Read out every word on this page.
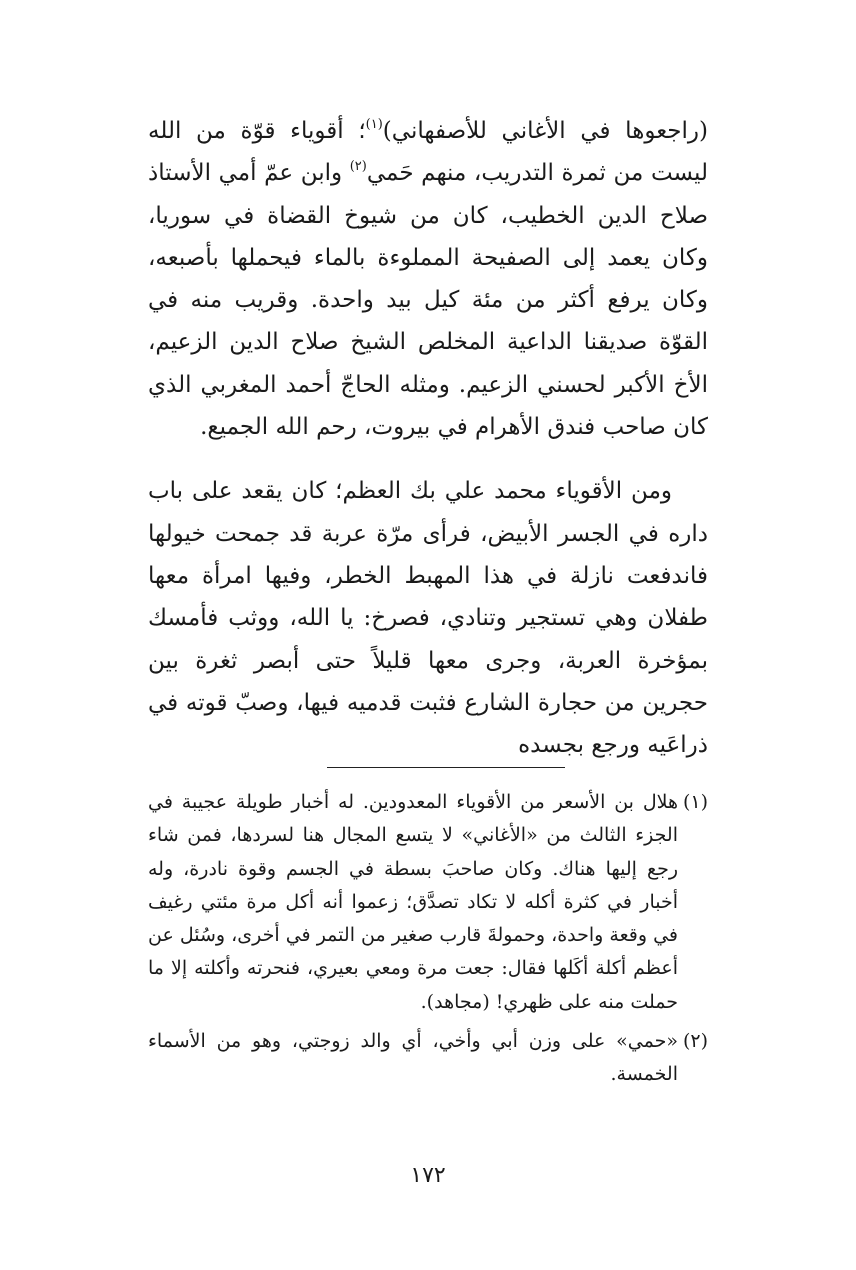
(راجعوها في الأغاني للأصفهاني)$^{(١)}$؛ أقوياء قوّة من الله ليست من ثمرة التدريب، منهم حَمي$^{(٢)}$ وابن عمّ أمي الأستاذ صلاح الدين الخطيب، كان من شيوخ القضاة في سوريا، وكان يعمد إلى الصفيحة المملوءة بالماء فيحملها بأصبعه، وكان يرفع أكثر من مئة كيل بيد واحدة. وقريب منه في القوّة صديقنا الداعية المخلص الشيخ صلاح الدين الزعيم، الأخ الأكبر لحسني الزعيم. ومثله الحاجّ أحمد المغربي الذي كان صاحب فندق الأهرام في بيروت، رحم الله الجميع.

ومن الأقوياء محمد علي بك العظم؛ كان يقعد على باب داره في الجسر الأبيض، فرأى مرّة عربة قد جمحت خيولها فاندفعت نازلة في هذا المهبط الخطر، وفيها امرأة معها طفلان وهي تستجير وتنادي، فصرخ: يا الله، ووثب فأمسك بمؤخرة العربة، وجرى معها قليلاً حتى أبصر ثغرة بين حجرين من حجارة الشارع فثبت قدميه فيها، وصبّ قوته في ذراعَيه ورجع بجسده

(١)
هلال بن الأسعر من الأقوياء المعدودين. له أخبار طويلة عجيبة في الجزء الثالث من «الأغاني» لا يتسع المجال هنا لسردها، فمن شاء رجع إليها هناك. وكان صاحبَ بسطة في الجسم وقوة نادرة، وله أخبار في كثرة أكله لا تكاد تصدَّق؛ زعموا أنه أكل مرة مئتي رغيف في وقعة واحدة، وحمولةَ قارب صغير من التمر في أخرى، وسُئل عن أعظم أكلة أكَلها فقال: جعت مرة ومعي بعيري، فنحرته وأكلته إلا ما حملت منه على ظهري! (مجاهد).

(٢)
«حمي» على وزن أبي وأخي، أي والد زوجتي، وهو من الأسماء الخمسة.

١٧٢
